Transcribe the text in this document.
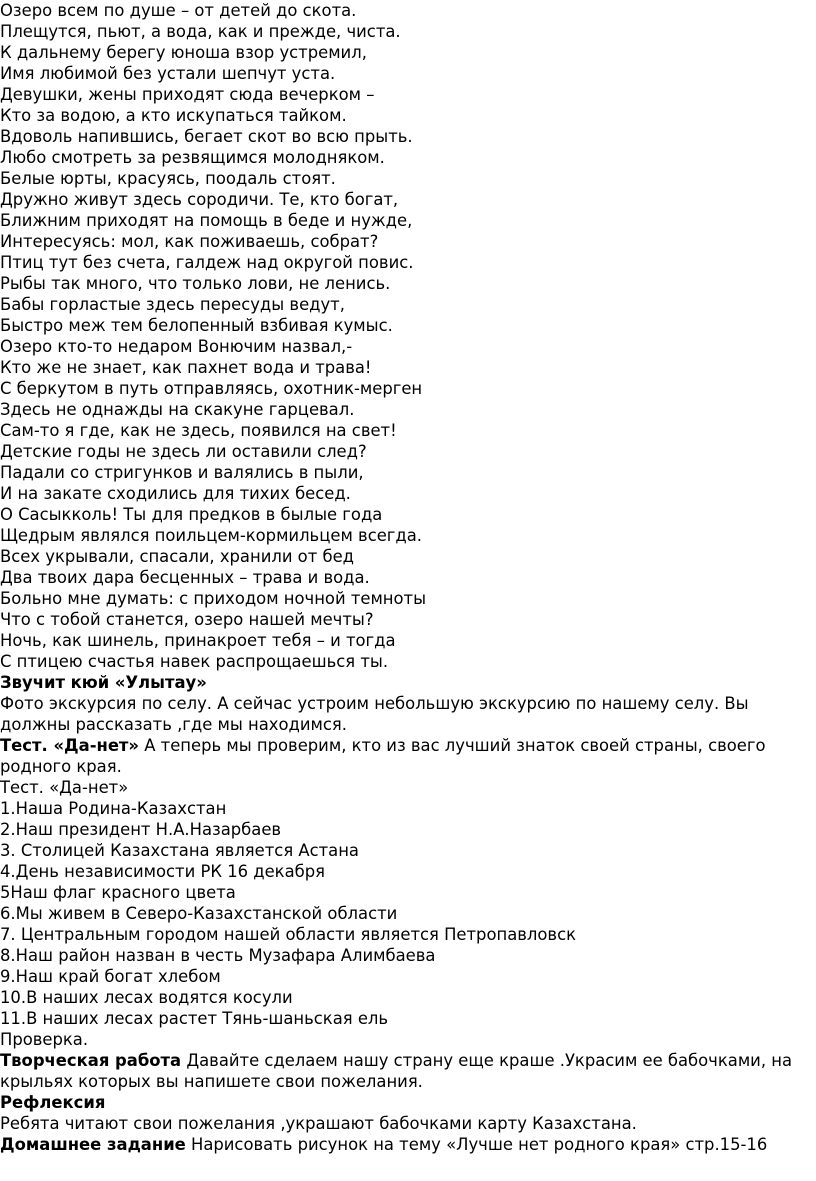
Озеро всем по душе – от детей до скота.
Плещутся, пьют, а вода, как и прежде, чиста.
К дальнему берегу юноша взор устремил,
Имя любимой без устали шепчут уста.
Девушки, жены приходят сюда вечерком –
Кто за водою, а кто искупаться тайком.
Вдоволь напившись, бегает скот во всю прыть.
Любо смотреть за резвящимся молодняком.
Белые юрты, красуясь, поодаль стоят.
Дружно живут здесь сородичи. Те, кто богат,
Ближним приходят на помощь в беде и нужде,
Интересуясь: мол, как поживаешь, собрат?
Птиц тут без счета, галдеж над округой повис.
Рыбы так много, что только лови, не ленись.
Бабы горластые здесь пересуды ведут,
Быстро меж тем белопенный взбивая кумыс.
Озеро кто-то недаром Вонючим назвал,-
Кто же не знает, как пахнет вода и трава!
С беркутом в путь отправляясь, охотник-мерген
Здесь не однажды на скакуне гарцевал.
Сам-то я где, как не здесь, появился на свет!
Детские годы не здесь ли оставили след?
Падали со стригунков и валялись в пыли,
И на закате сходились для тихих бесед.
О Сасыкколь! Ты для предков в былые года
Щедрым являлся поильцем-кормильцем всегда.
Всех укрывали, спасали, хранили от бед
Два твоих дара бесценных – трава и вода.
Больно мне думать: с приходом ночной темноты
Что с тобой станется, озеро нашей мечты?
Ночь, как шинель, принакроет тебя – и тогда
С птицею счастья навек распрощаешься ты.
Звучит кюй «Улытау»
Фото экскурсия по селу. А сейчас устроим небольшую экскурсию по нашему селу. Вы должны рассказать ,где мы находимся.
Тест. «Да-нет» А теперь мы проверим, кто из вас лучший знаток своей страны, своего родного края.
Тест. «Да-нет»
1.Наша Родина-Казахстан
2.Наш президент Н.А.Назарбаев
3. Столицей Казахстана является Астана
4.День независимости РК 16 декабря
5Наш флаг красного цвета
6.Мы живем в Северо-Казахстанской области
7. Центральным городом нашей области является Петропавловск
8.Наш район назван в честь Музафара Алимбаева
9.Наш край богат хлебом
10.В наших лесах водятся косули
11.В наших лесах растет Тянь-шаньская ель
Проверка.
Творческая работа Давайте сделаем нашу страну еще краше .Украсим ее бабочками, на крыльях которых вы напишете свои пожелания.
Рефлексия
Ребята читают свои пожелания ,украшают бабочками карту Казахстана.
Домашнее задание Нарисовать рисунок на тему «Лучше нет родного края» стр.15-16
